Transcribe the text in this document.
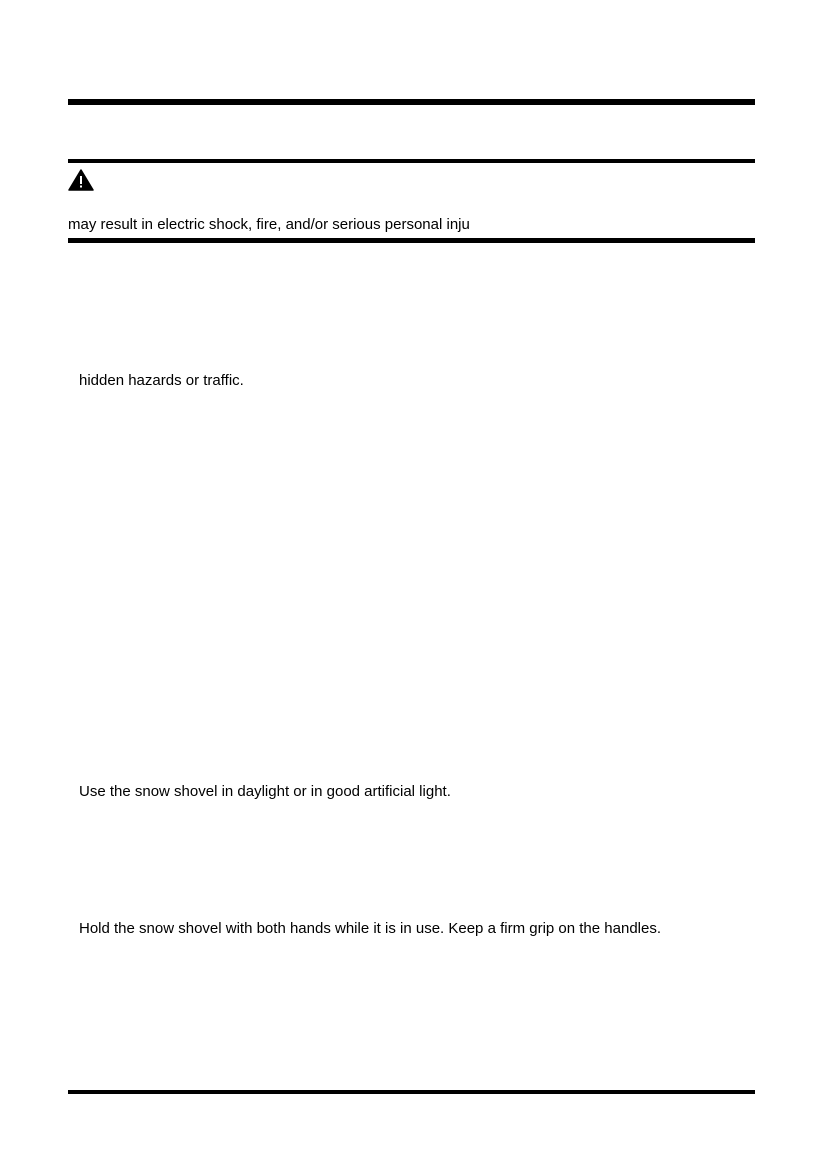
may result in electric shock, fire, and/or serious personal inju
hidden hazards or traffic.
Use the snow shovel in daylight or in good artificial light.
Hold the snow shovel with both hands while it is in use. Keep a firm grip on the handles.
